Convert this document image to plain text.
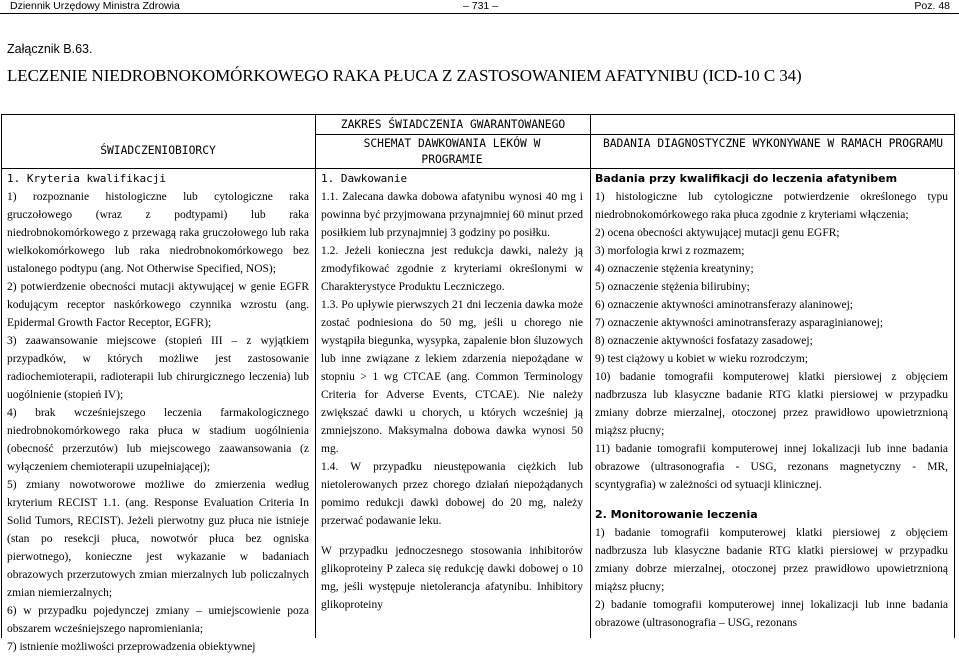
Dziennik Urzędowy Ministra Zdrowia	– 731 –	Poz. 48
Załącznik B.63.
LECZENIE NIEDROBNOKOMÓRKOWEGO RAKA PŁUCA Z ZASTOSOWANIEM AFATYNIBU (ICD-10 C 34)
ZAKRES ŚWIADCZENIA GWARANTOWANEGO
ŚWIADCZENIOBIORCY
SCHEMAT DAWKOWANIA LEKÓW W PROGRAMIE
BADANIA DIAGNOSTYCZNE WYKONYWANE W RAMACH PROGRAMU

1. Kryteria kwalifikacji

1) rozpoznanie histologiczne lub cytologiczne raka gruczołowego (wraz z podtypami) lub raka niedrobnokomórkowego z przewagą raka gruczołowego lub raka wielkokomórkowego lub raka niedrobnokomórkowego bez ustalonego podtypu (ang. Not Otherwise Specified, NOS);

2) potwierdzenie obecności mutacji aktywującej w genie EGFR kodującym receptor naskórkowego czynnika wzrostu (ang. Epidermal Growth Factor Receptor, EGFR);

3) zaawansowanie miejscowe (stopień III – z wyjątkiem przypadków, w których możliwe jest zastosowanie radiochemioterapii, radioterapii lub chirurgicznego leczenia) lub uogólnienie (stopień IV);

4) brak wcześniejszego leczenia farmakologicznego niedrobnokomórkowego raka płuca w stadium uogólnienia (obecność przerzutów) lub miejscowego zaawansowania (z wyłączeniem chemioterapii uzupełniającej);

5) zmiany nowotworowe możliwe do zmierzenia według kryterium RECIST 1.1. (ang. Response Evaluation Criteria In Solid Tumors, RECIST). Jeżeli pierwotny guz płuca nie istnieje (stan po resekcji płuca, nowotwór płuca bez ogniska pierwotnego), konieczne jest wykazanie w badaniach obrazowych przerzutowych zmian mierzalnych lub policzalnych zmian niemierzalnych;

6) w przypadku pojedynczej zmiany – umiejscowienie poza obszarem wcześniejszego napromieniania;

7) istnienie możliwości przeprowadzenia obiektywnej

1. Dawkowanie

1.1. Zalecana dawka dobowa afatynibu wynosi 40 mg i powinna być przyjmowana przynajmniej 60 minut przed posiłkiem lub przynajmniej 3 godziny po posiłku.

1.2. Jeżeli konieczna jest redukcja dawki, należy ją zmodyfikować zgodnie z kryteriami określonymi w Charakterystyce Produktu Leczniczego.

1.3. Po upływie pierwszych 21 dni leczenia dawka może zostać podniesiona do 50 mg, jeśli u chorego nie wystąpiła biegunka, wysypka, zapalenie błon śluzowych lub inne związane z lekiem zdarzenia niepożądane w stopniu > 1 wg CTCAE (ang. Common Terminology Criteria for Adverse Events, CTCAE). Nie należy zwiększać dawki u chorych, u których wcześniej ją zmniejszono. Maksymalna dobowa dawka wynosi 50 mg.

1.4. W przypadku nieustępowania ciężkich lub nietolerowanych przez chorego działań niepożądanych pomimo redukcji dawki dobowej do 20 mg, należy przerwać podawanie leku.

W przypadku jednoczesnego stosowania inhibitorów glikoproteiny P zaleca się redukcję dawki dobowej o 10 mg, jeśli występuje nietolerancja afatynibu. Inhibitory glikoproteiny

Badania przy kwalifikacji do leczenia afatynibem

1) histologiczne lub cytologiczne potwierdzenie określonego typu niedrobnokomórkowego raka płuca zgodnie z kryteriami włączenia;

2) ocena obecności aktywującej mutacji genu EGFR;

3) morfologia krwi z rozmazem;

4) oznaczenie stężenia kreatyniny;

5) oznaczenie stężenia bilirubiny;

6) oznaczenie aktywności aminotransferazy alaninowej;

7) oznaczenie aktywności aminotransferazy asparaginianowej;

8) oznaczenie aktywności fosfatazy zasadowej;

9) test ciążowy u kobiet w wieku rozrodczym;

10) badanie tomografii komputerowej klatki piersiowej z objęciem nadbrzusza lub klasyczne badanie RTG klatki piersiowej w przypadku zmiany dobrze mierzalnej, otoczonej przez prawidłowo upowietrznioną miąższ płucny;

11) badanie tomografii komputerowej innej lokalizacji lub inne badania obrazowe (ultrasonografia - USG, rezonans magnetyczny - MR, scyntygrafia) w zależności od sytuacji klinicznej.

2. Monitorowanie leczenia

1) badanie tomografii komputerowej klatki piersiowej z objęciem nadbrzusza lub klasyczne badanie RTG klatki piersiowej w przypadku zmiany dobrze mierzalnej, otoczonej przez prawidłowo upowietrznioną miąższ płucny;

2) badanie tomografii komputerowej innej lokalizacji lub inne badania obrazowe (ultrasonografia – USG, rezonans
